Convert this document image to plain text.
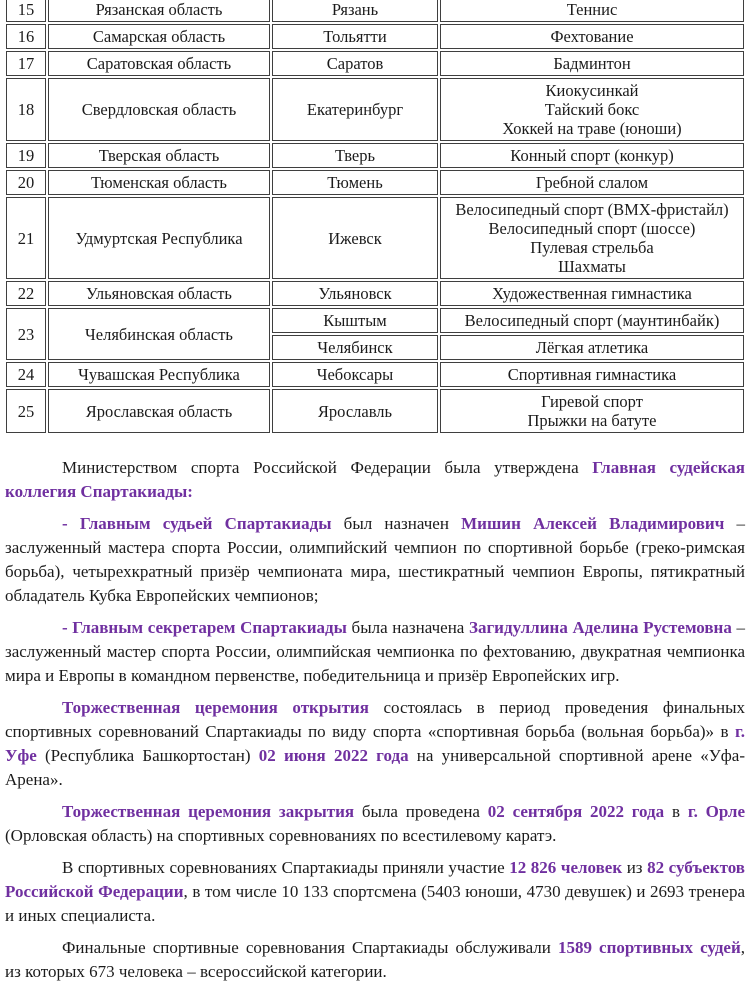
15	Рязанская область	Рязань	Теннис

16	Самарская область	Тольятти	Фехтование

17	Саратовская область	Саратов	Бадминтон

18	Свердловская область	Екатеринбург	Киокусинкай
Тайский бокс
Хоккей на траве (юноши)

19	Тверская область	Тверь	Конный спорт (конкур)

20	Тюменская область	Тюмень	Гребной слалом

21	Удмуртская Республика	Ижевск	Велосипедный спорт (BMX-фристайл)
Велосипедный спорт (шоссе)
Пулевая стрельба
Шахматы

22	Ульяновская область	Ульяновск	Художественная гимнастика

23	Челябинская область	Кыштым	Велосипедный спорт (маунтинбайк)

		Челябинск	Лёгкая атлетика

24	Чувашская Республика	Чебоксары	Спортивная гимнастика

25	Ярославская область	Ярославль	Гиревой спорт
Прыжки на батуте

Министерством спорта Российской Федерации была утверждена Главная судейская коллегия Спартакиады:

- Главным судьей Спартакиады был назначен Мишин Алексей Владимирович – заслуженный мастера спорта России, олимпийский чемпион по спортивной борьбе (греко-римская борьба), четырехкратный призёр чемпионата мира, шестикратный чемпион Европы, пятикратный обладатель Кубка Европейских чемпионов;

- Главным секретарем Спартакиады была назначена Загидуллина Аделина Рустемовна – заслуженный мастер спорта России, олимпийская чемпионка по фехтованию, двукратная чемпионка мира и Европы в командном первенстве, победительница и призёр Европейских игр.

Торжественная церемония открытия состоялась в период проведения финальных спортивных соревнований Спартакиады по виду спорта «спортивная борьба (вольная борьба)» в г. Уфе (Республика Башкортостан) 02 июня 2022 года на универсальной спортивной арене «Уфа-Арена».

Торжественная церемония закрытия была проведена 02 сентября 2022 года в г. Орле (Орловская область) на спортивных соревнованиях по всестилевому каратэ.

В спортивных соревнованиях Спартакиады приняли участие 12 826 человек из 82 субъектов Российской Федерации, в том числе 10 133 спортсмена (5403 юноши, 4730 девушек) и 2693 тренера и иных специалиста.

Финальные спортивные соревнования Спартакиады обслуживали 1589 спортивных судей, из которых 673 человека – всероссийской категории.
